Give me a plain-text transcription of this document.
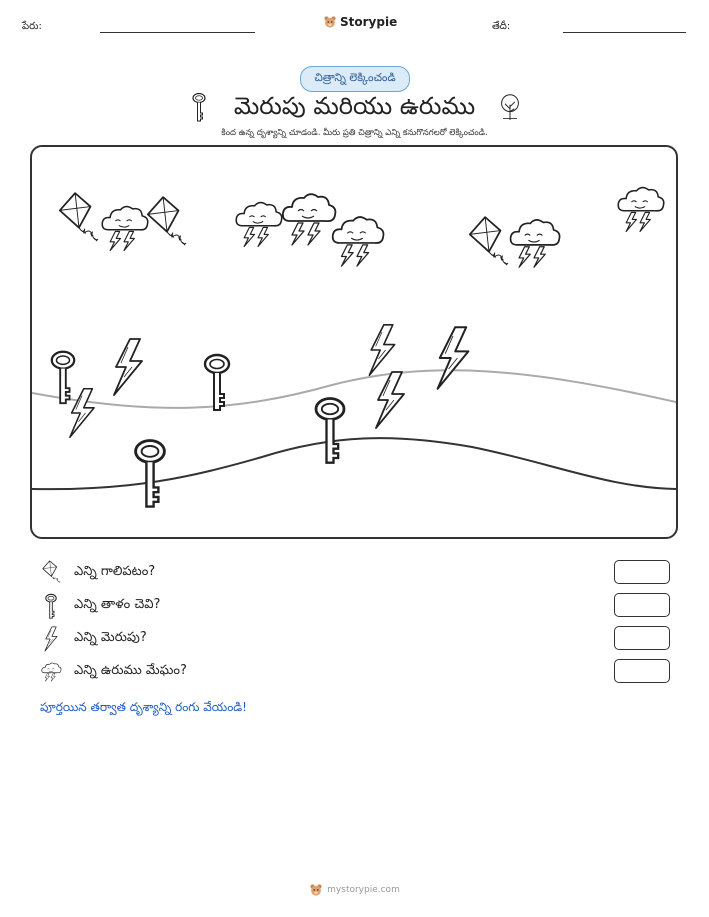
పేరు:	Storypie	తేదీ:
చిత్రాన్ని లెక్కించండి
మెరుపు మరియు ఉరుము
కింద ఉన్న దృశ్యాన్ని చూడండి. మీరు ప్రతి చిత్రాన్ని ఎన్ని కనుగొనగలరో లెక్కించండి.
ఎన్ని గాలిపటం?
ఎన్ని తాళం చెవి?
ఎన్ని మెరుపు?
ఎన్ని ఉరుము మేఘం?
పూర్తయిన తర్వాత దృశ్యాన్ని రంగు వేయండి!
mystorypie.com
